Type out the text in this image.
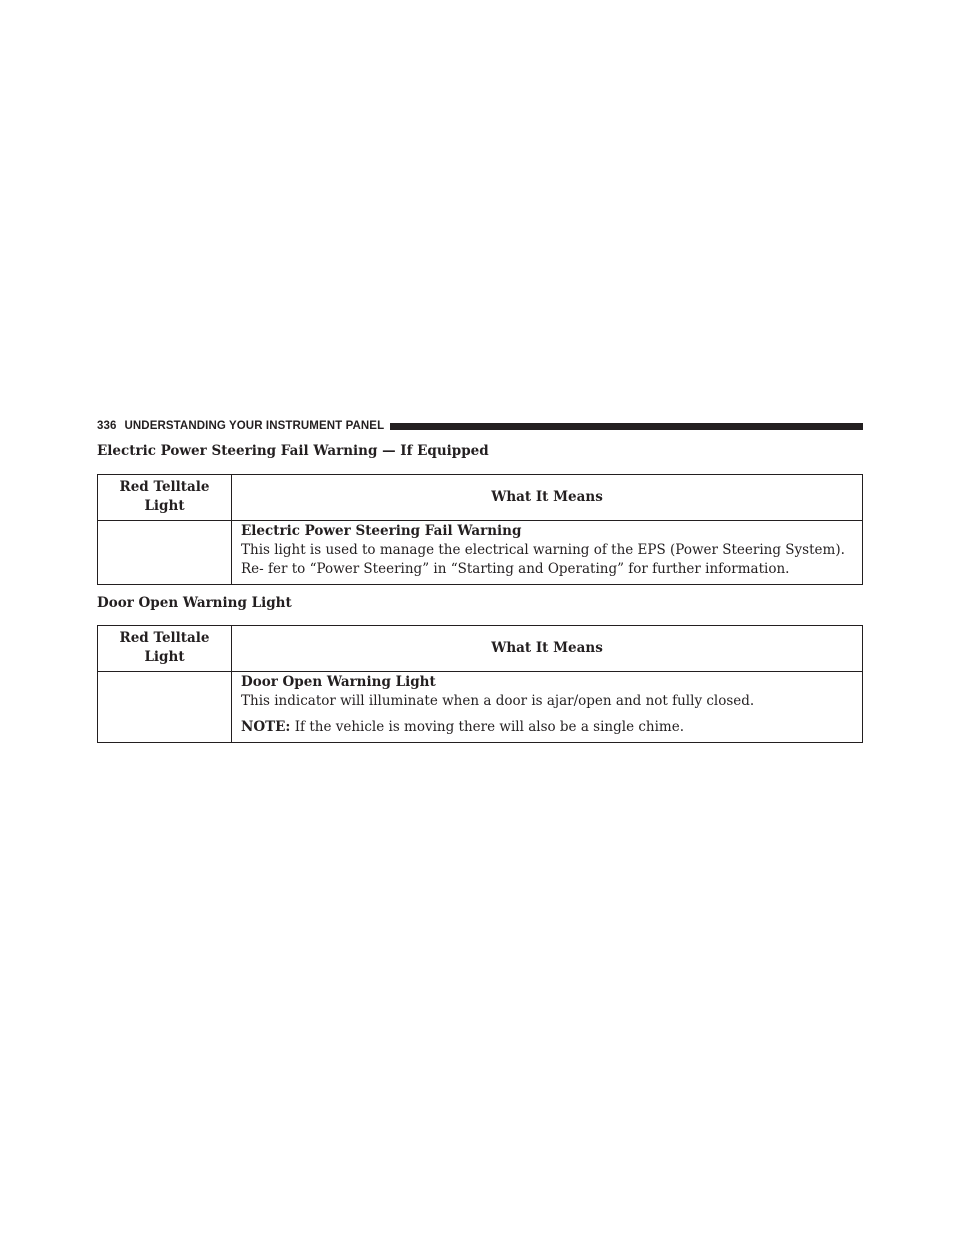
336 UNDERSTANDING YOUR INSTRUMENT PANEL
Electric Power Steering Fail Warning — If Equipped
Red Telltale Light	What It Means

	Electric Power Steering Fail Warning
This light is used to manage the electrical warning of the EPS (Power Steering System). Re- fer to “Power Steering” in “Starting and Operating” for further information.
Door Open Warning Light
Red Telltale Light	What It Means

	Door Open Warning Light
This indicator will illuminate when a door is ajar/open and not fully closed.
NOTE: If the vehicle is moving there will also be a single chime.
